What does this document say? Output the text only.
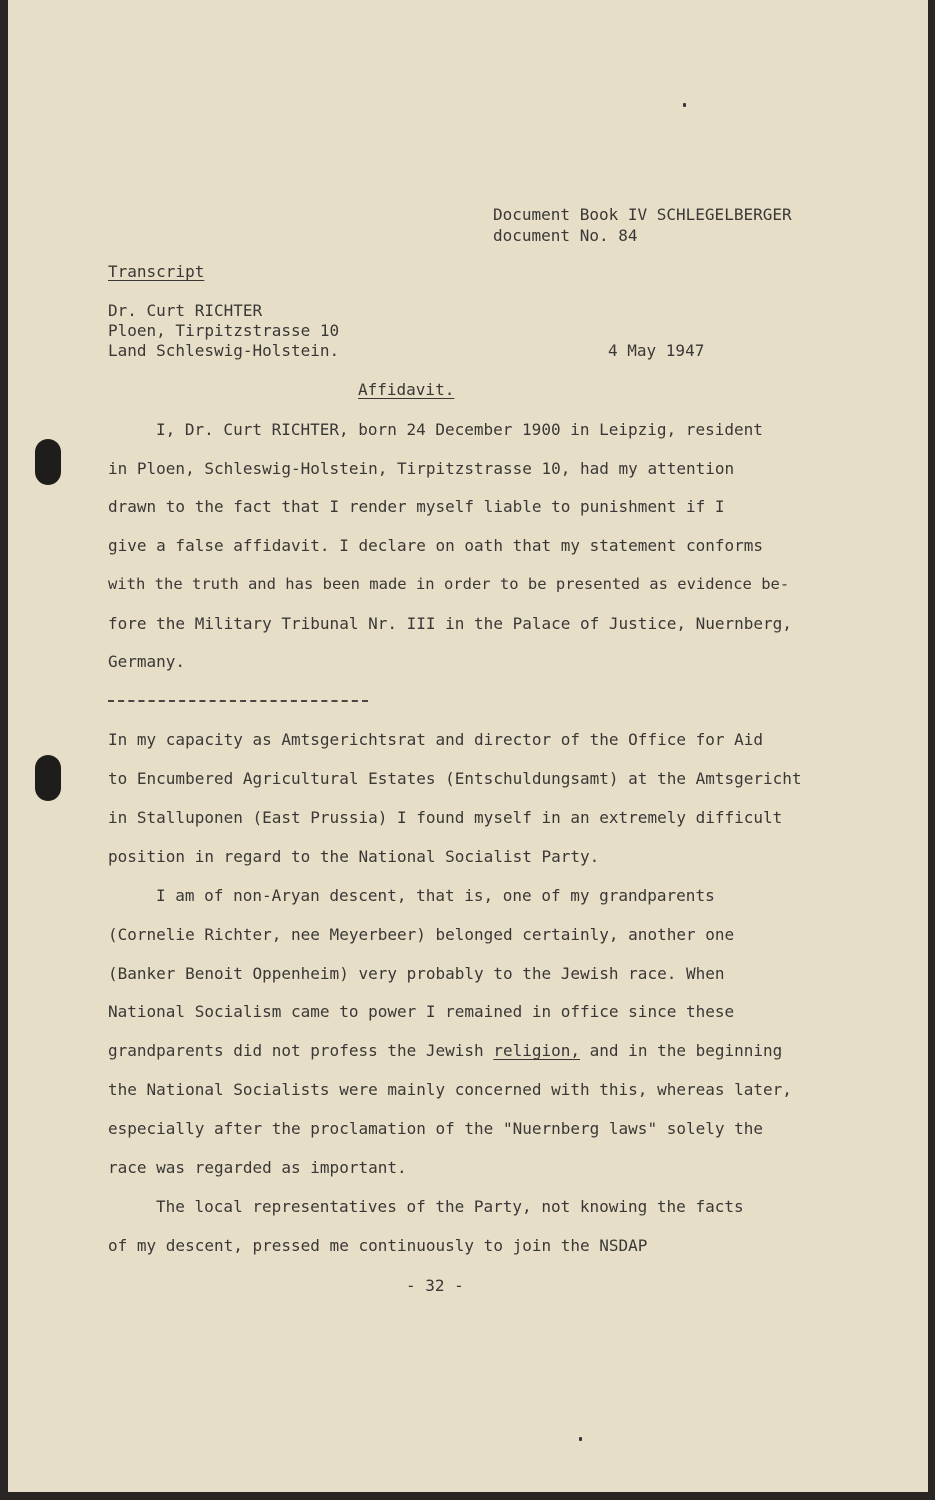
Document Book IV SCHLEGELBERGER
document No. 84
Transcript
Dr. Curt RICHTER
Ploen, Tirpitzstrasse 10
Land Schleswig-Holstein.	4 May 1947
Affidavit.
I, Dr. Curt RICHTER, born 24 December 1900 in Leipzig, resident
in Ploen, Schleswig-Holstein, Tirpitzstrasse 10, had my attention
drawn to the fact that I render myself liable to punishment if I
give a false affidavit. I declare on oath that my statement conforms
with the truth and has been made in order to be presented as evidence be-
fore the Military Tribunal Nr. III in the Palace of Justice, Nuernberg,
Germany.
In my capacity as Amtsgerichtsrat and director of the Office for Aid
to Encumbered Agricultural Estates (Entschuldungsamt) at the Amtsgericht
in Stalluponen (East Prussia) I found myself in an extremely difficult
position in regard to the National Socialist Party.
I am of non-Aryan descent, that is, one of my grandparents
(Cornelie Richter, nee Meyerbeer) belonged certainly, another one
(Banker Benoit Oppenheim) very probably to the Jewish race. When
National Socialism came to power I remained in office since these
grandparents did not profess the Jewish religion, and in the beginning
the National Socialists were mainly concerned with this, whereas later,
especially after the proclamation of the "Nuernberg laws" solely the
race was regarded as important.
The local representatives of the Party, not knowing the facts
of my descent, pressed me continuously to join the NSDAP
- 32 -
